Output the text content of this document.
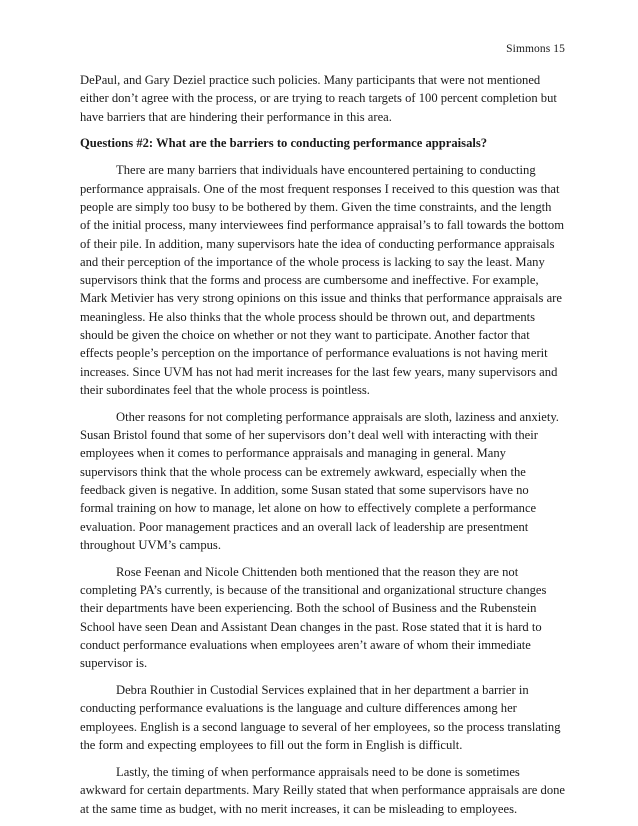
Simmons 15

DePaul, and Gary Deziel practice such policies. Many participants that were not mentioned either don’t agree with the process, or are trying to reach targets of 100 percent completion but have barriers that are hindering their performance in this area.

Questions #2: What are the barriers to conducting performance appraisals?

There are many barriers that individuals have encountered pertaining to conducting performance appraisals. One of the most frequent responses I received to this question was that people are simply too busy to be bothered by them. Given the time constraints, and the length of the initial process, many interviewees find performance appraisal’s to fall towards the bottom of their pile. In addition, many supervisors hate the idea of conducting performance appraisals and their perception of the importance of the whole process is lacking to say the least. Many supervisors think that the forms and process are cumbersome and ineffective. For example, Mark Metivier has very strong opinions on this issue and thinks that performance appraisals are meaningless. He also thinks that the whole process should be thrown out, and departments should be given the choice on whether or not they want to participate. Another factor that effects people’s perception on the importance of performance evaluations is not having merit increases. Since UVM has not had merit increases for the last few years, many supervisors and their subordinates feel that the whole process is pointless.

Other reasons for not completing performance appraisals are sloth, laziness and anxiety. Susan Bristol found that some of her supervisors don’t deal well with interacting with their employees when it comes to performance appraisals and managing in general. Many supervisors think that the whole process can be extremely awkward, especially when the feedback given is negative. In addition, some Susan stated that some supervisors have no formal training on how to manage, let alone on how to effectively complete a performance evaluation. Poor management practices and an overall lack of leadership are presentment throughout UVM’s campus.

Rose Feenan and Nicole Chittenden both mentioned that the reason they are not completing PA’s currently, is because of the transitional and organizational structure changes their departments have been experiencing. Both the school of Business and the Rubenstein School have seen Dean and Assistant Dean changes in the past. Rose stated that it is hard to conduct performance evaluations when employees aren’t aware of whom their immediate supervisor is.

Debra Routhier in Custodial Services explained that in her department a barrier in conducting performance evaluations is the language and culture differences among her employees. English is a second language to several of her employees, so the process translating the form and expecting employees to fill out the form in English is difficult.

Lastly, the timing of when performance appraisals need to be done is sometimes awkward for certain departments. Mary Reilly stated that when performance appraisals are done at the same time as budget, with no merit increases, it can be misleading to employees.
